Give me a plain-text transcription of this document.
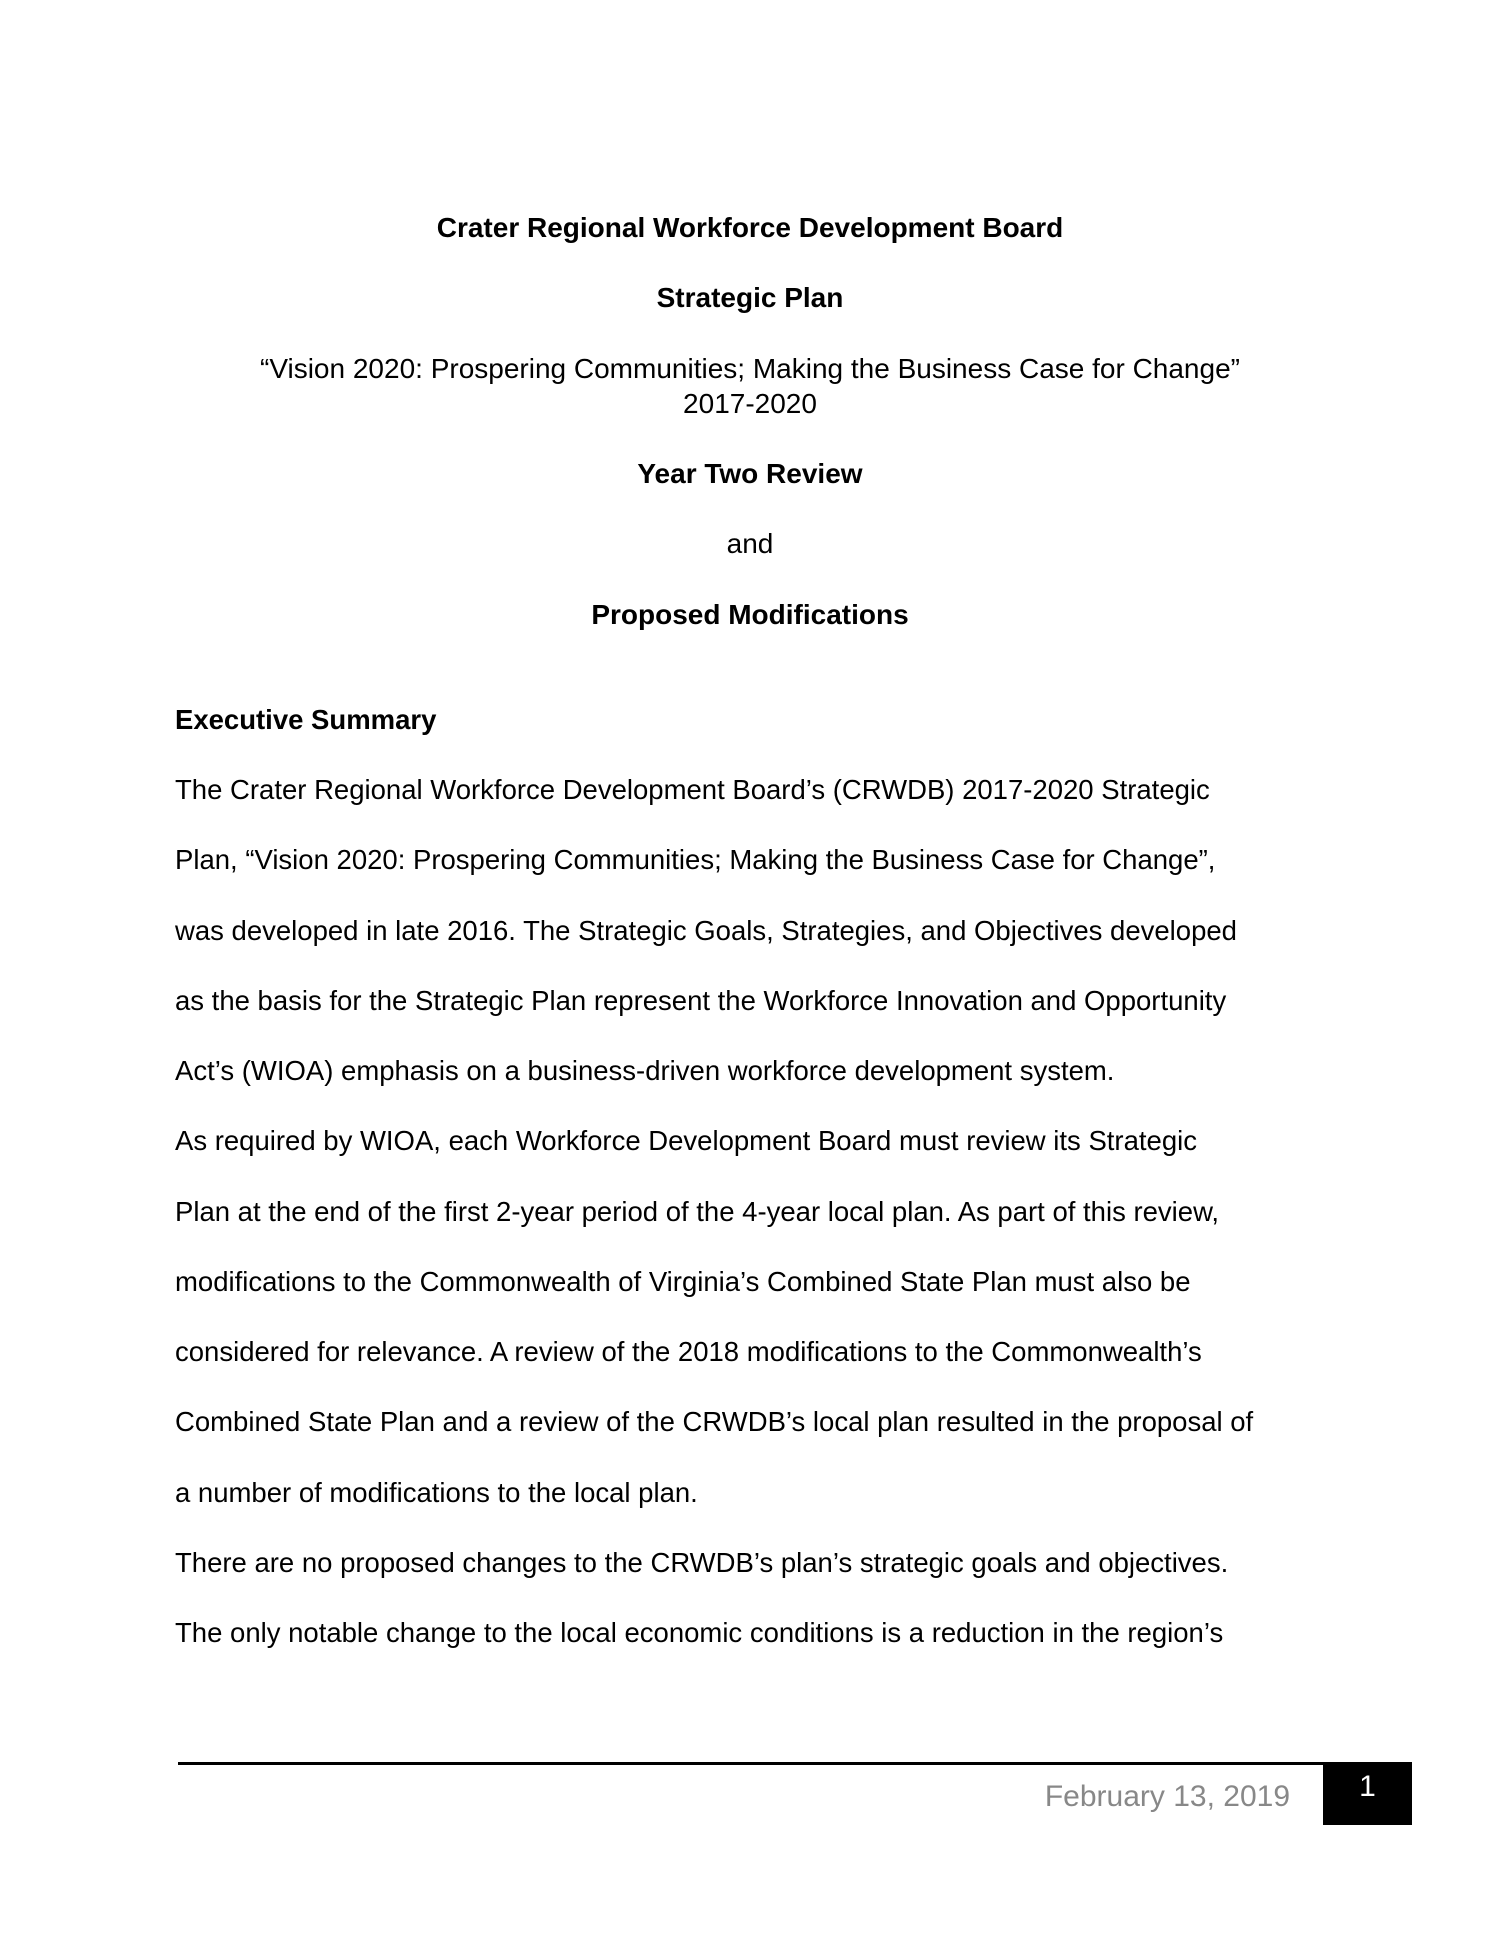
Crater Regional Workforce Development Board
Strategic Plan
“Vision 2020: Prospering Communities; Making the Business Case for Change”
2017-2020
Year Two Review
and
Proposed Modifications
Executive Summary
The Crater Regional Workforce Development Board’s (CRWDB) 2017-2020 Strategic
Plan, “Vision 2020: Prospering Communities; Making the Business Case for Change”,
was developed in late 2016. The Strategic Goals, Strategies, and Objectives developed
as the basis for the Strategic Plan represent the Workforce Innovation and Opportunity
Act’s (WIOA) emphasis on a business-driven workforce development system.
As required by WIOA, each Workforce Development Board must review its Strategic
Plan at the end of the first 2-year period of the 4-year local plan. As part of this review,
modifications to the Commonwealth of Virginia’s Combined State Plan must also be
considered for relevance. A review of the 2018 modifications to the Commonwealth’s
Combined State Plan and a review of the CRWDB’s local plan resulted in the proposal of
a number of modifications to the local plan.
There are no proposed changes to the CRWDB’s plan’s strategic goals and objectives.
The only notable change to the local economic conditions is a reduction in the region’s
February 13, 2019	1
